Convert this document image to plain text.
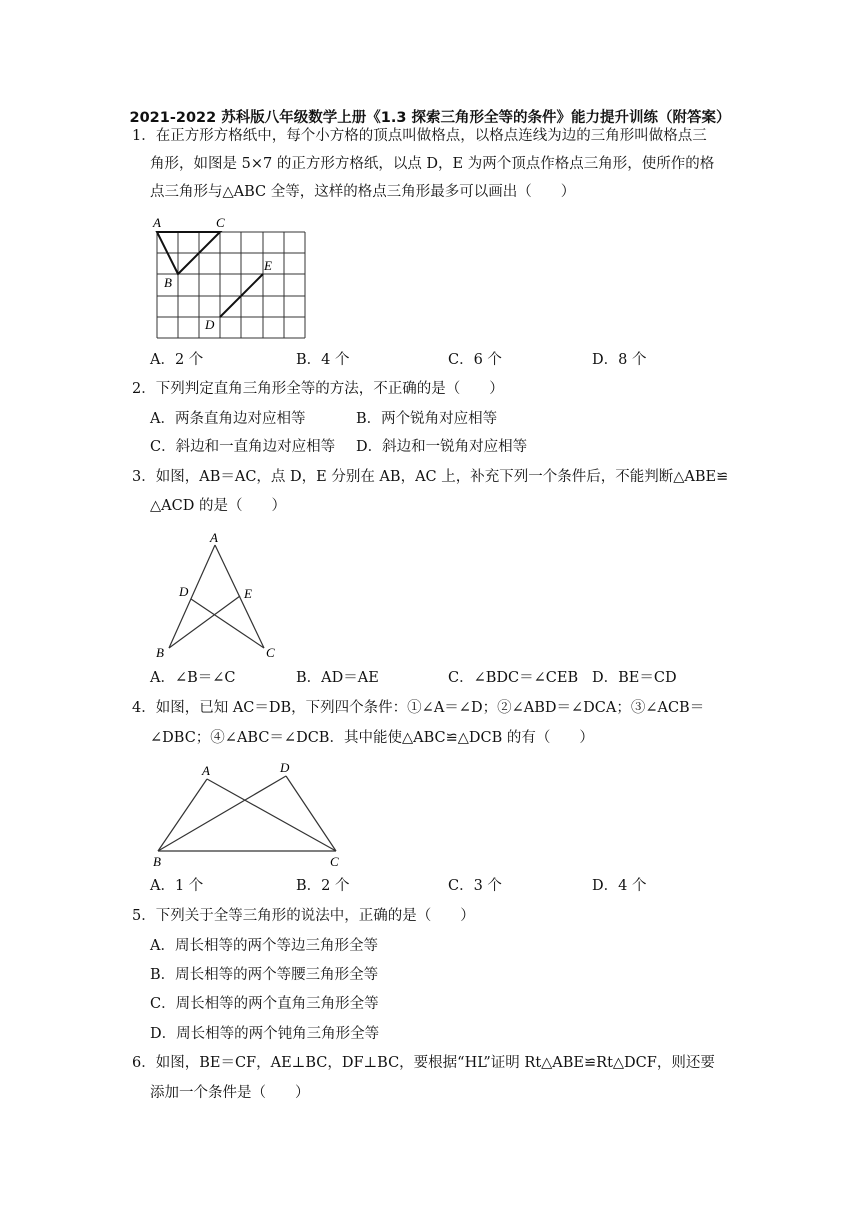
2021-2022 苏科版八年级数学上册《1.3 探索三角形全等的条件》能力提升训练（附答案）
1．在正方形方格纸中，每个小方格的顶点叫做格点，以格点连线为边的三角形叫做格点三
角形，如图是 5×7 的正方形方格纸，以点 D，E 为两个顶点作格点三角形，使所作的格
点三角形与△ABC 全等，这样的格点三角形最多可以画出（　　）
A	C
B
E
D
A．2 个	B．4 个	C．6 个	D．8 个
2．下列判定直角三角形全等的方法，不正确的是（　　）
A．两条直角边对应相等	B．两个锐角对应相等
C．斜边和一直角边对应相等 D．斜边和一锐角对应相等
3．如图，AB＝AC，点 D，E 分别在 AB，AC 上，补充下列一个条件后，不能判断△ABE≌
△ACD 的是（　　）
A
D	E
B	C
A．∠B＝∠C	B．AD＝AE	C．∠BDC＝∠CEB D．BE＝CD
4．如图，已知 AC＝DB，下列四个条件：①∠A＝∠D；②∠ABD＝∠DCA；③∠ACB＝
∠DBC；④∠ABC＝∠DCB．其中能使△ABC≌△DCB 的有（　　）
A	D
B	C
A．1 个	B．2 个	C．3 个	D．4 个
5．下列关于全等三角形的说法中，正确的是（　　）
A．周长相等的两个等边三角形全等
B．周长相等的两个等腰三角形全等
C．周长相等的两个直角三角形全等
D．周长相等的两个钝角三角形全等
6．如图，BE＝CF，AE⊥BC，DF⊥BC，要根据“HL”证明 Rt△ABE≌Rt△DCF，则还要
添加一个条件是（　　）
